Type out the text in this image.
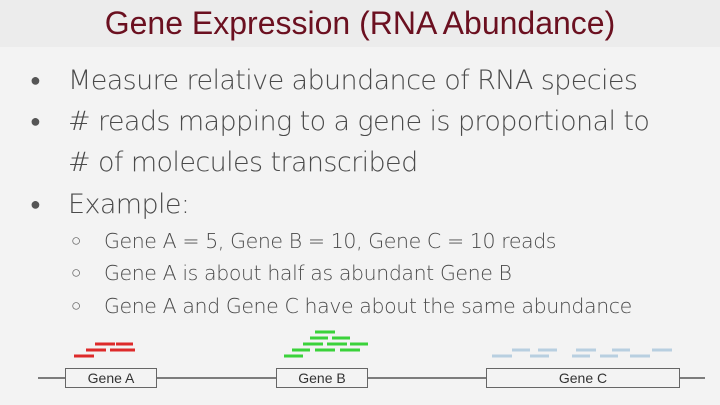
Gene Expression (RNA Abundance)
● Measure relative abundance of RNA species
● # reads mapping to a gene is proportional to
# of molecules transcribed
● Example:
○ Gene A = 5, Gene B = 10, Gene C = 10 reads
○ Gene A is about half as abundant Gene B
○ Gene A and Gene C have about the same abundance
Gene A	Gene B	Gene C
